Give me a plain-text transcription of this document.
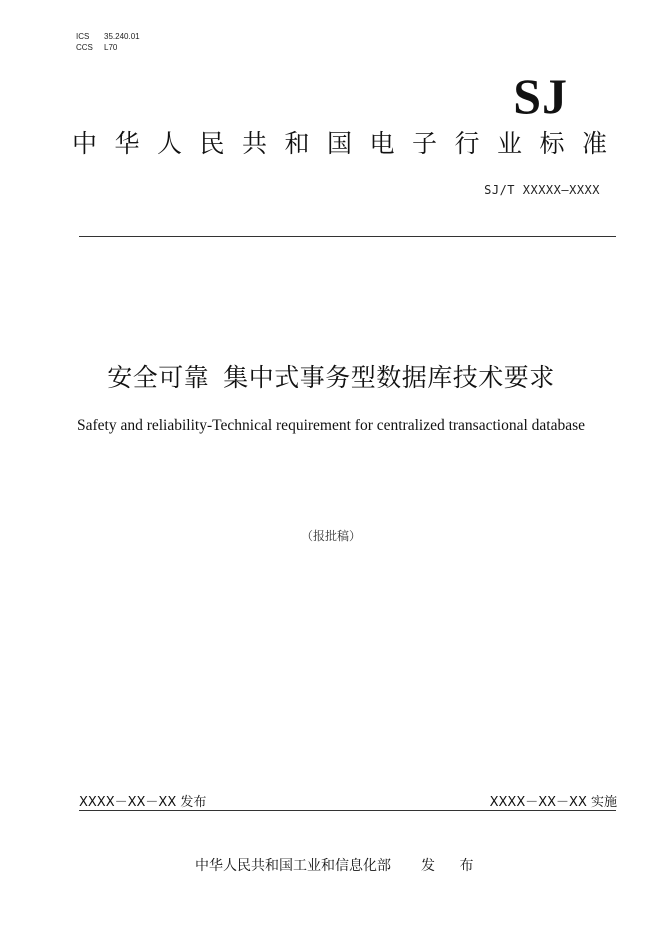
ICS	35.240.01
CCS	L70
SJ
中华人民共和国电子行业标准
SJ/T XXXXX—XXXX
安全可靠 集中式事务型数据库技术要求
Safety and reliability-Technical requirement for centralized transactional database
（报批稿）
XXXX－XX－XX 发布	XXXX－XX－XX 实施
中华人民共和国工业和信息化部 发 布
